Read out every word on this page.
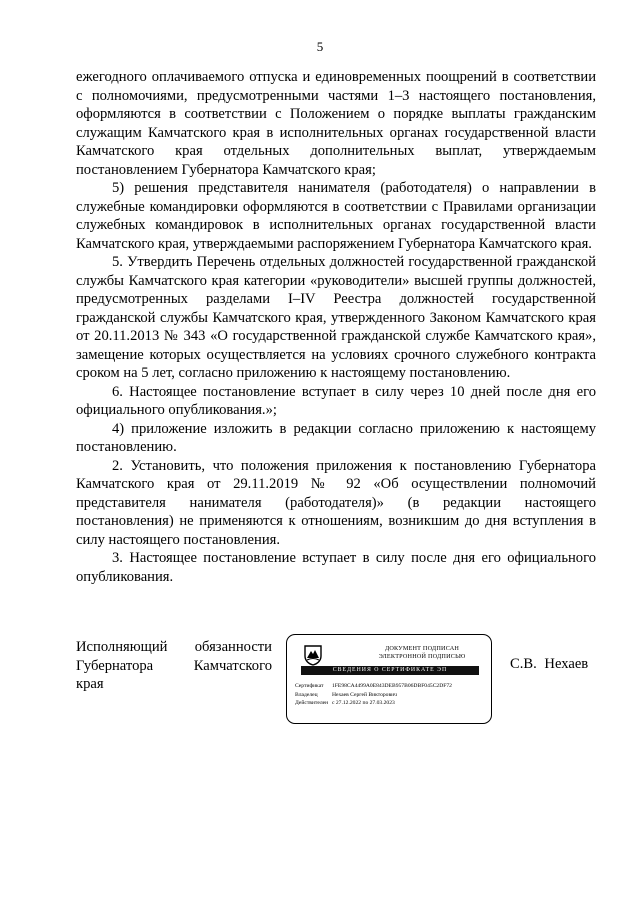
5

ежегодного оплачиваемого отпуска и единовременных поощрений в соответствии с полномочиями, предусмотренными частями 1–3 настоящего постановления, оформляются в соответствии с Положением о порядке выплаты гражданским служащим Камчатского края в исполнительных органах государственной власти Камчатского края отдельных дополнительных выплат, утверждаемым постановлением Губернатора Камчатского края;

5) решения представителя нанимателя (работодателя) о направлении в служебные командировки оформляются в соответствии с Правилами организации служебных командировок в исполнительных органах государственной власти Камчатского края, утверждаемыми распоряжением Губернатора Камчатского края.

5. Утвердить Перечень отдельных должностей государственной гражданской службы Камчатского края категории «руководители» высшей группы должностей, предусмотренных разделами I–IV Реестра должностей государственной гражданской службы Камчатского края, утвержденного Законом Камчатского края от 20.11.2013 № 343 «О государственной гражданской службе Камчатского края», замещение которых осуществляется на условиях срочного служебного контракта сроком на 5 лет, согласно приложению к настоящему постановлению.

6. Настоящее постановление вступает в силу через 10 дней после дня его официального опубликования.»;

4) приложение изложить в редакции согласно приложению к настоящему постановлению.

2. Установить, что положения приложения к постановлению Губернатора Камчатского края от 29.11.2019 № 92 «Об осуществлении полномочий представителя нанимателя (работодателя)» (в редакции настоящего постановления) не применяются к отношениям, возникшим до дня вступления в силу настоящего постановления.

3. Настоящее постановление вступает в силу после дня его официального опубликования.

Исполняющий обязанности
Губернатора Камчатского
края
ДОКУМЕНТ ПОДПИСАН
ЭЛЕКТРОННОЙ ПОДПИСЬЮ
СВЕДЕНИЯ О СЕРТИФИКАТЕ ЭП
Сертификат	1FE98CA4499A0E843DEB957B06DBF045C2DF72
Владелец	Нехаев Сергей Викторович
Действителен с 27.12.2022 по 27.03.2023
С.В. Нехаев
